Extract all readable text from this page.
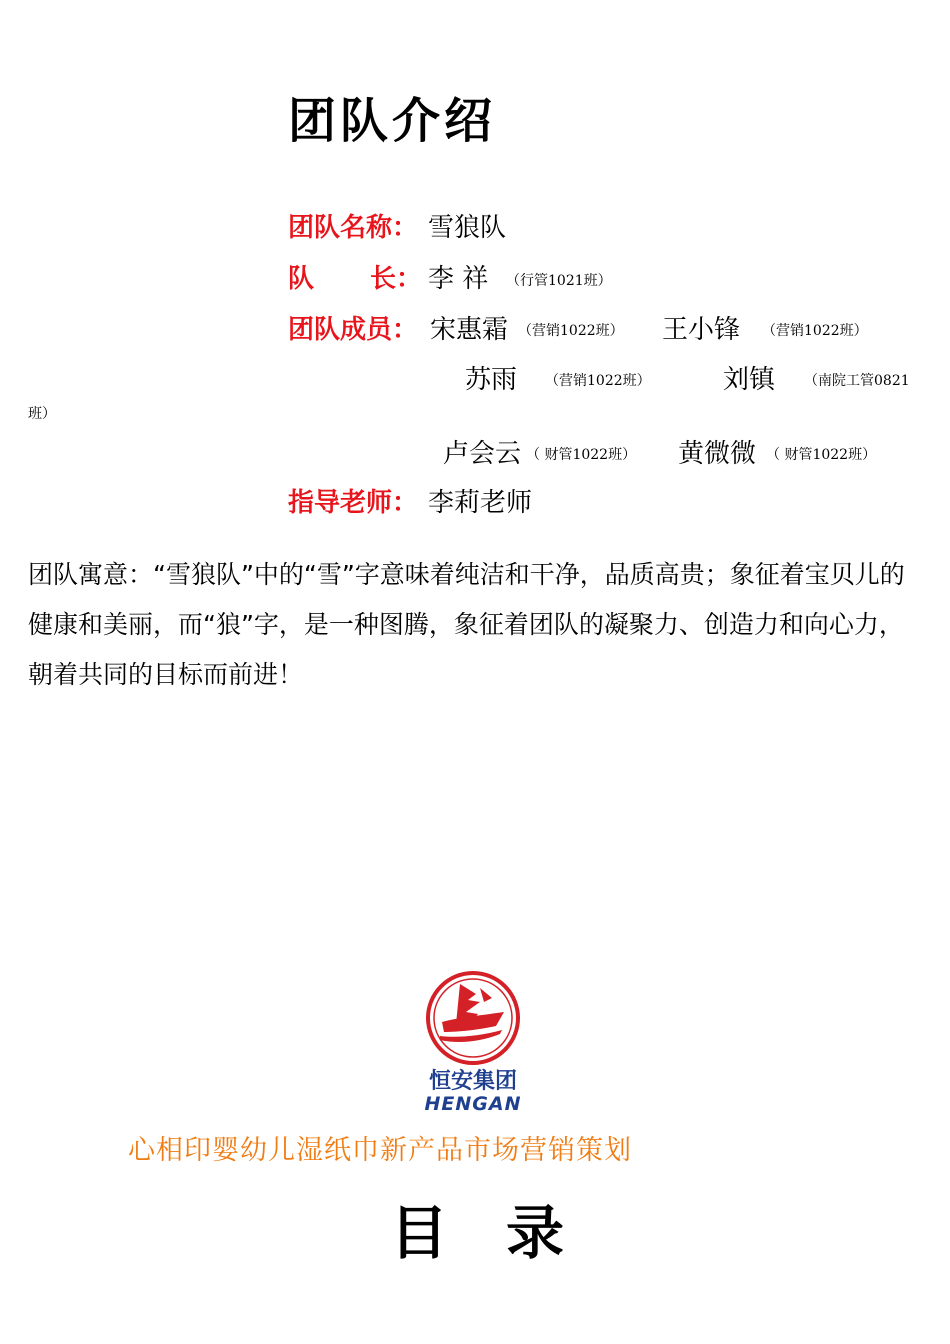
团队介绍
团队名称： 雪狼队
队 长： 李 祥 （行管1021班）
团队成员： 宋惠霜 （营销1022班） 王小锋 （营销1022班）
苏雨 （营销1022班）	刘镇 （南院工管0821
班）
卢会云 （ 财管1022班） 黄微微 （ 财管1022班）
指导老师： 李莉老师
团队寓意：“雪狼队”中的“雪”字意味着纯洁和干净，品质高贵；象征着宝贝儿的健康和美丽，而“狼”字，是一种图腾，象征着团队的凝聚力、创造力和向心力，朝着共同的目标而前进！
恒安集团
HENGAN
心相印婴幼儿湿纸巾新产品市场营销策划
目　录
